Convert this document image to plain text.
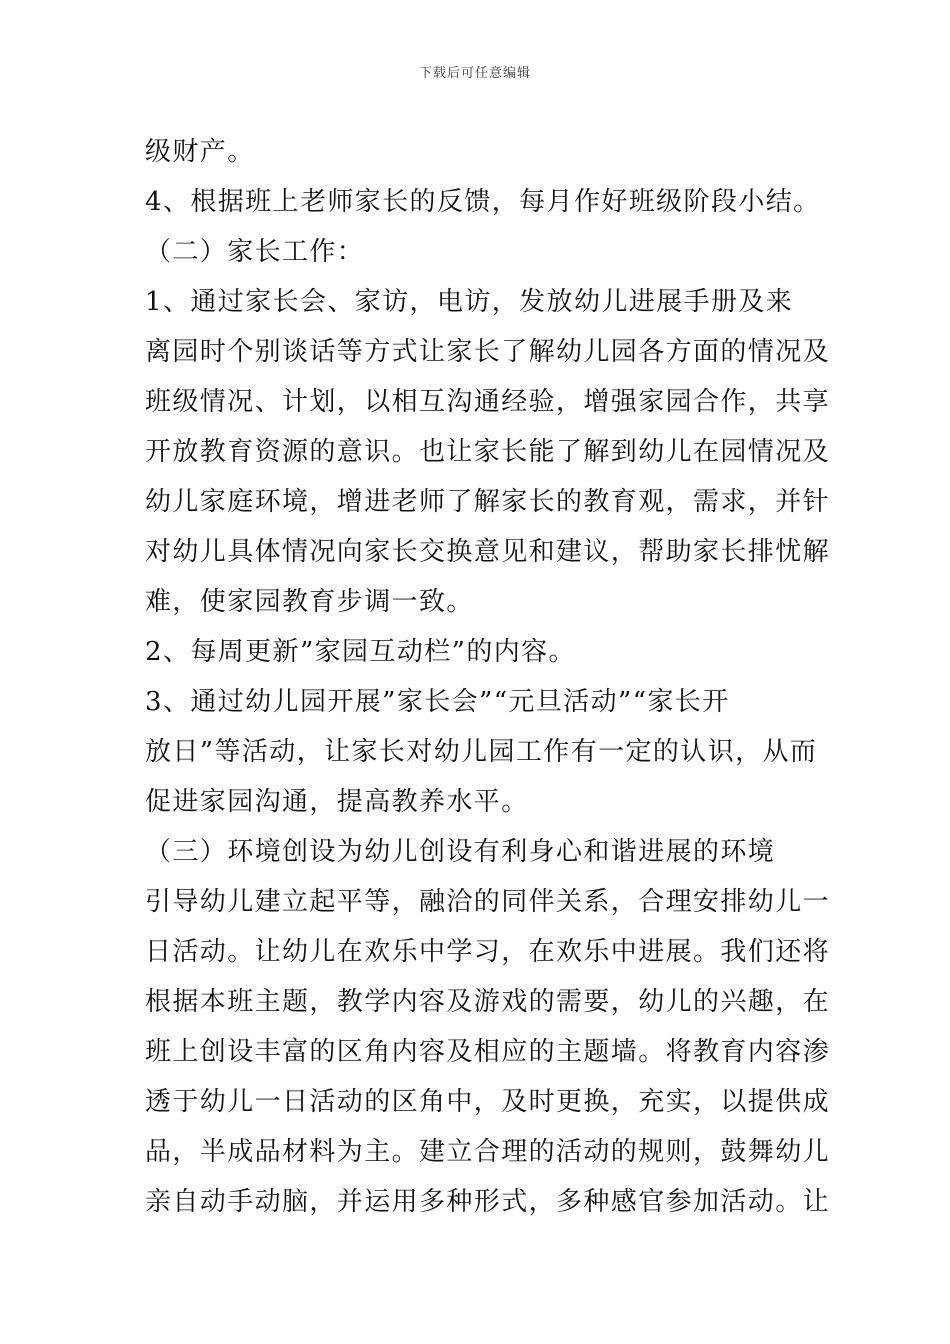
下载后可任意编辑
级财产。
4、根据班上老师家长的反馈，每月作好班级阶段小结。
（二）家长工作：
1、通过家长会、家访，电访，发放幼儿进展手册及来
离园时个别谈话等方式让家长了解幼儿园各方面的情况及
班级情况、计划，以相互沟通经验，增强家园合作，共享
开放教育资源的意识。也让家长能了解到幼儿在园情况及
幼儿家庭环境，增进老师了解家长的教育观，需求，并针
对幼儿具体情况向家长交换意见和建议，帮助家长排忧解
难，使家园教育步调一致。
2、每周更新”家园互动栏”的内容。
3、通过幼儿园开展”家长会”“元旦活动”“家长开
放日”等活动，让家长对幼儿园工作有一定的认识，从而
促进家园沟通，提高教养水平。
（三）环境创设为幼儿创设有利身心和谐进展的环境
引导幼儿建立起平等，融洽的同伴关系，合理安排幼儿一
日活动。让幼儿在欢乐中学习，在欢乐中进展。我们还将
根据本班主题，教学内容及游戏的需要，幼儿的兴趣，在
班上创设丰富的区角内容及相应的主题墙。将教育内容渗
透于幼儿一日活动的区角中，及时更换，充实，以提供成
品，半成品材料为主。建立合理的活动的规则，鼓舞幼儿
亲自动手动脑，并运用多种形式，多种感官参加活动。让
